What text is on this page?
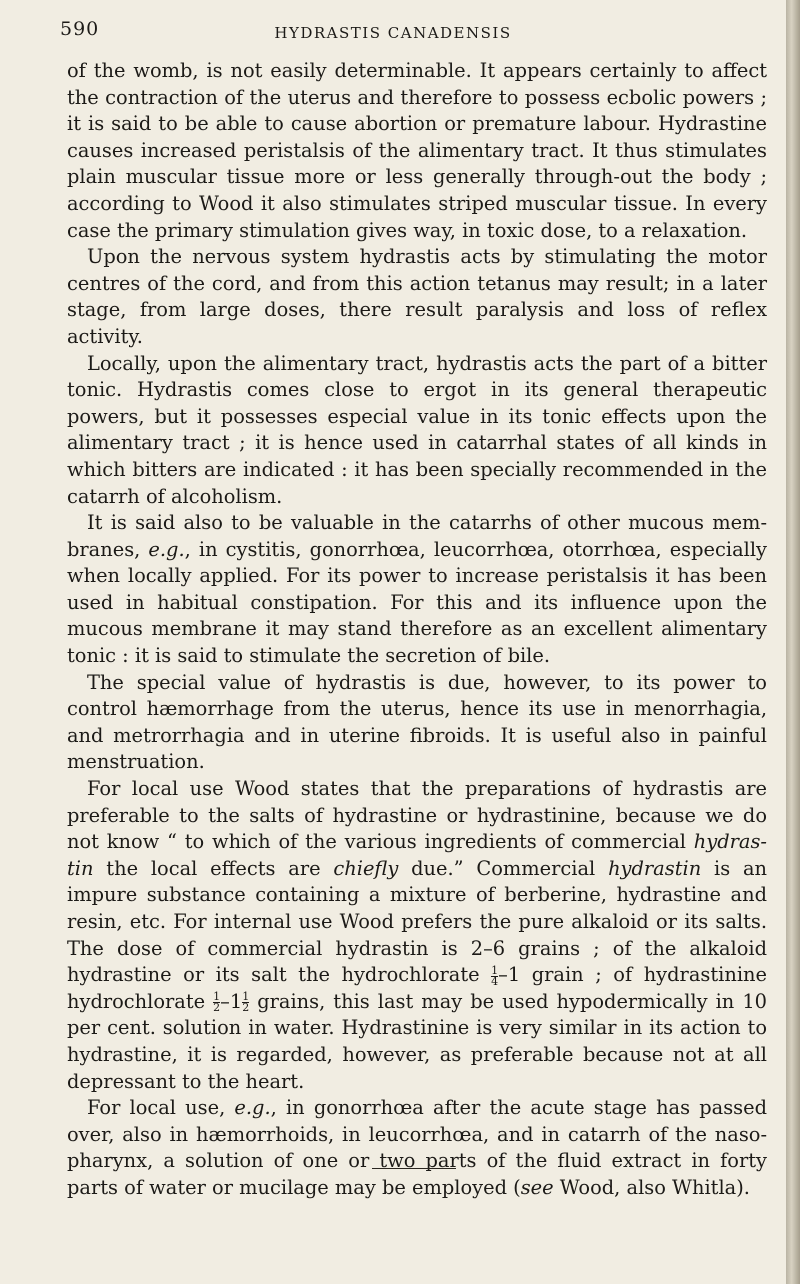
590	HYDRASTIS CANADENSIS

of the womb, is not easily determinable. It appears certainly to affect the contraction of the uterus and therefore to possess ecbolic powers ; it is said to be able to cause abortion or premature labour. Hydrastine causes increased peristalsis of the alimentary tract. It thus stimulates plain muscular tissue more or less generally through-out the body ; according to Wood it also stimulates striped muscular tissue. In every case the primary stimulation gives way, in toxic dose, to a relaxation.

Upon the nervous system hydrastis acts by stimulating the motor centres of the cord, and from this action tetanus may result; in a later stage, from large doses, there result paralysis and loss of reflex activity.

Locally, upon the alimentary tract, hydrastis acts the part of a bitter tonic. Hydrastis comes close to ergot in its general therapeutic powers, but it possesses especial value in its tonic effects upon the alimentary tract ; it is hence used in catarrhal states of all kinds in which bitters are indicated : it has been specially recommended in the catarrh of alcoholism.

It is said also to be valuable in the catarrhs of other mucous mem-branes, e.g., in cystitis, gonorrhœa, leucorrhœa, otorrhœa, especially when locally applied. For its power to increase peristalsis it has been used in habitual constipation. For this and its influence upon the mucous membrane it may stand therefore as an excellent alimentary tonic : it is said to stimulate the secretion of bile.

The special value of hydrastis is due, however, to its power to control hæmorrhage from the uterus, hence its use in menorrhagia, and metrorrhagia and in uterine fibroids. It is useful also in painful menstruation.

For local use Wood states that the preparations of hydrastis are preferable to the salts of hydrastine or hydrastinine, because we do not know “ to which of the various ingredients of commercial hydras-tin the local effects are chiefly due.” Commercial hydrastin is an impure substance containing a mixture of berberine, hydrastine and resin, etc. For internal use Wood prefers the pure alkaloid or its salts. The dose of commercial hydrastin is 2–6 grains ; of the alkaloid hydrastine or its salt the hydrochlorate $\frac{1}{4} -1$ grain ; of hydrastinine hydrochlorate $\frac{1}{2} -1 \frac{1}{2}$ grains, this last may be used hypodermically in 10 per cent. solution in water. Hydrastinine is very similar in its action to hydrastine, it is regarded, however, as preferable because not at all depressant to the heart.

For local use, e.g., in gonorrhœa after the acute stage has passed over, also in hæmorrhoids, in leucorrhœa, and in catarrh of the naso-pharynx, a solution of one or two parts of the fluid extract in forty parts of water or mucilage may be employed (see Wood, also Whitla).
